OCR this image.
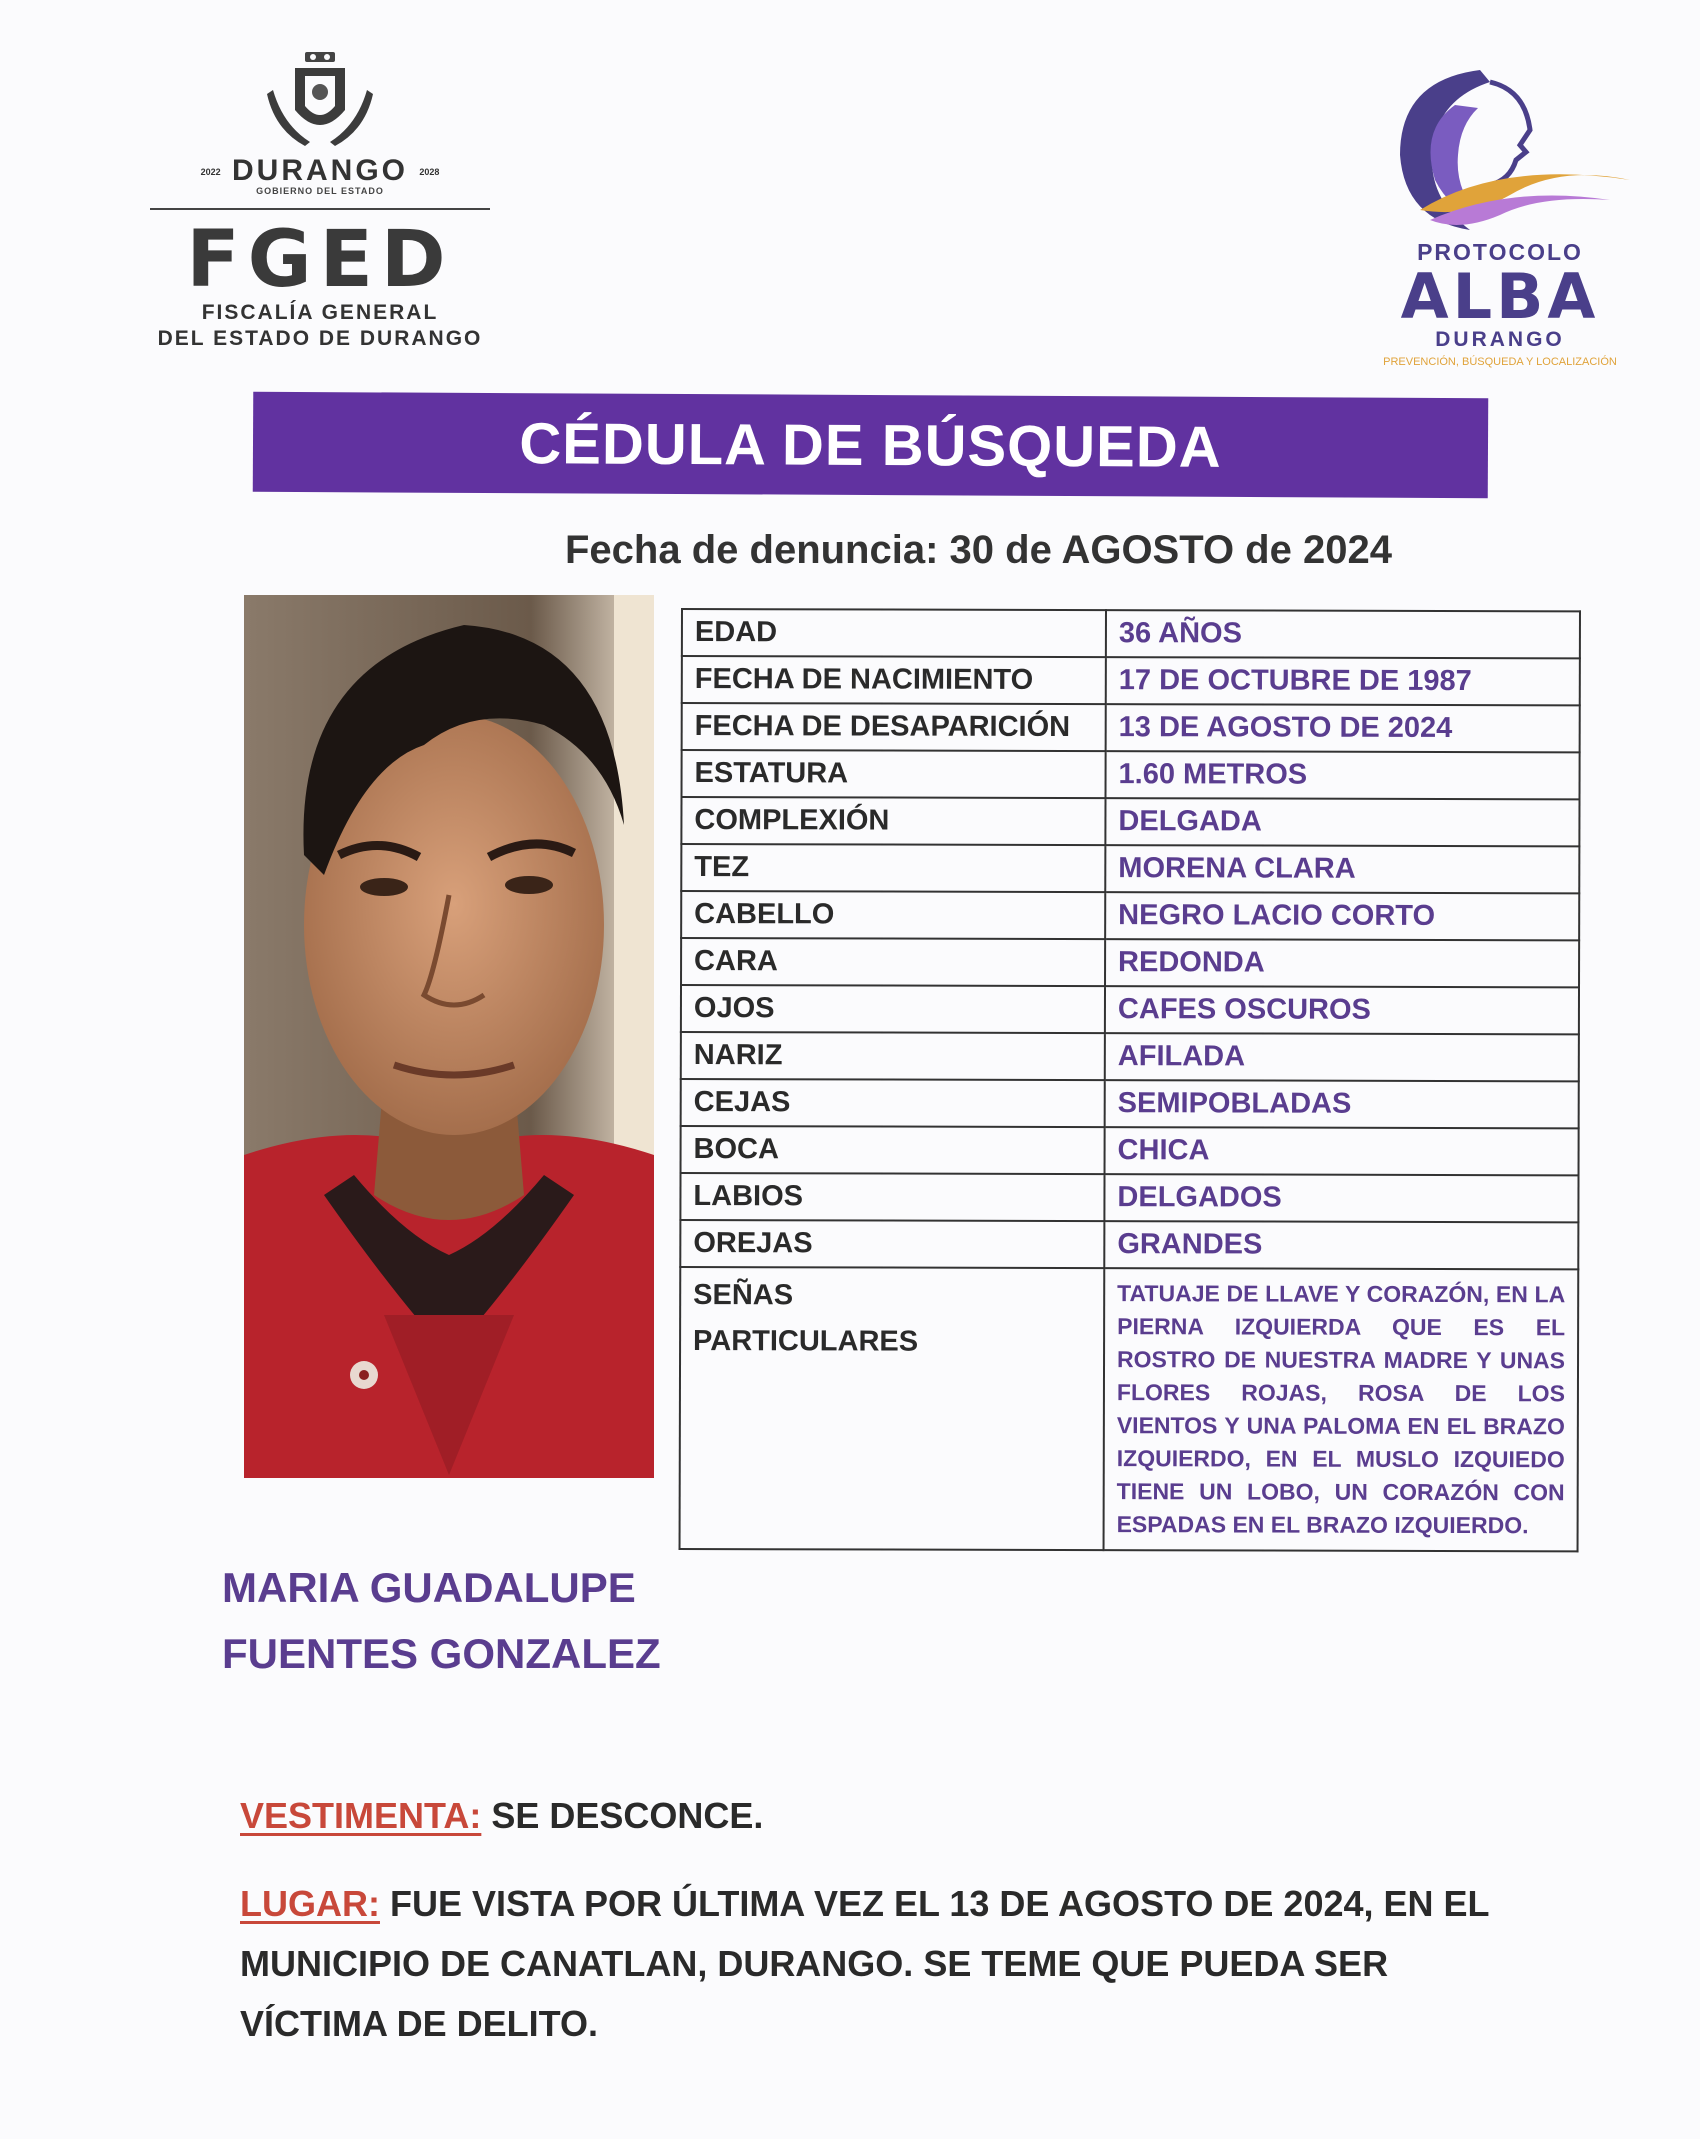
2022 DURANGO 2028
GOBIERNO DEL ESTADO
FGED
FISCALÍA GENERAL
DEL ESTADO DE DURANGO
PROTOCOLO
ALBA
DURANGO
PREVENCIÓN, BÚSQUEDA Y LOCALIZACIÓN
CÉDULA DE BÚSQUEDA
Fecha de denuncia: 30 de AGOSTO de 2024
EDAD	36 AÑOS
FECHA DE NACIMIENTO	17 DE OCTUBRE DE 1987
FECHA DE DESAPARICIÓN	13 DE AGOSTO DE 2024
ESTATURA	1.60 METROS
COMPLEXIÓN	DELGADA
TEZ	MORENA CLARA
CABELLO	NEGRO LACIO CORTO
CARA	REDONDA
OJOS	CAFES OSCUROS
NARIZ	AFILADA
CEJAS	SEMIPOBLADAS
BOCA	CHICA
LABIOS	DELGADOS
OREJAS	GRANDES

SEÑAS
PARTICULARES	TATUAJE DE LLAVE Y CORAZÓN, EN LA PIERNA IZQUIERDA QUE ES EL ROSTRO DE NUESTRA MADRE Y UNAS FLORES ROJAS, ROSA DE LOS VIENTOS Y UNA PALOMA EN EL BRAZO IZQUIERDO, EN EL MUSLO IZQUIEDO TIENE UN LOBO, UN CORAZÓN CON ESPADAS EN EL BRAZO IZQUIERDO.
MARIA GUADALUPE
FUENTES GONZALEZ
VESTIMENTA: SE DESCONCE.
LUGAR: FUE VISTA POR ÚLTIMA VEZ EL 13 DE AGOSTO DE 2024, EN EL MUNICIPIO DE CANATLAN, DURANGO. SE TEME QUE PUEDA SER VÍCTIMA DE DELITO.
